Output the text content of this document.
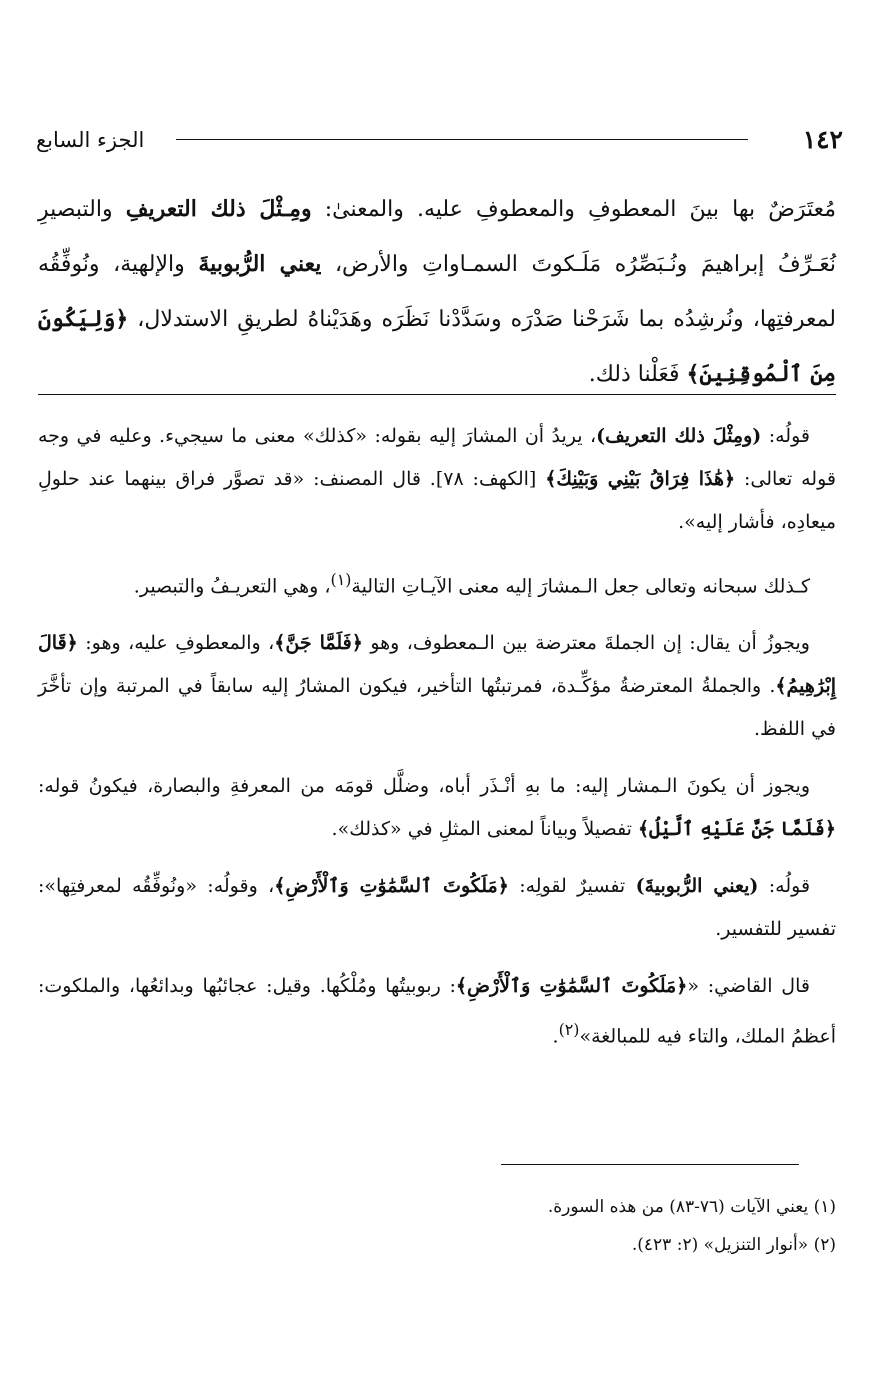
١٤٢
الجزء السابع

مُعتَرَضٌ بها بينَ المعطوفِ والمعطوفِ عليه. والمعنىٰ: ومِـثْلَ ذلك التعريفِ والتبصيرِ نُعَـرِّفُ إبراهيمَ ونُـبَصِّرُه مَلَـكوتَ السمـاواتِ والأرض، يعني الرُّبوبيةَ والإلهية، ونُوفِّقُه لمعرفتِها، ونُرشِدُه بما شَرَحْنا صَدْرَه وسَدَّدْنا نَظَرَه وهَدَيْناهُ لطريقِ الاستدلال، ﴿وَلِيَكُونَ مِنَ ٱلْمُوقِنِينَ﴾ فَعَلْنا ذلك.

قولُه: (ومِثْلَ ذلك التعريف)، يريدُ أن المشارَ إليه بقوله: «كذلك» معنى ما سيجيء. وعليه في وجه قوله تعالى: ﴿هَٰذَا فِرَاقُ بَيْنِي وَبَيْنِكَ﴾ [الكهف: ٧٨]. قال المصنف: «قد تصوَّر فراق بينهما عند حلولِ ميعادِه، فأشار إليه».

كـذلك سبحانه وتعالى جعل الـمشارَ إليه معنى الآيـاتِ التالية$^{(١)}$، وهي التعريـفُ والتبصير.

ويجوزُ أن يقال: إن الجملةَ معترضة بين الـمعطوف، وهو ﴿فَلَمَّا جَنَّ﴾، والمعطوفِ عليه، وهو: ﴿قَالَ إِبْرَٰهِيمُ﴾. والجملةُ المعترضةُ مؤكِّـدة، فمرتبتُها التأخير، فيكون المشارُ إليه سابقاً في المرتبة وإن تأخَّرَ في اللفظ.

ويجوز أن يكونَ الـمشار إليه: ما بهِ أنْـذَر أباه، وضلَّل قومَه من المعرفةِ والبصارة، فيكونُ قوله: ﴿فَلَمَّا جَنَّ عَلَيْهِ ٱلَّيْلُ﴾ تفصيلاً وبياناً لمعنى المثلِ في «كذلك».

قولُه: (يعني الرُّبوبيةَ) تفسيرٌ لقولِه: ﴿مَلَكُوتَ ٱلسَّمَٰوَٰتِ وَٱلْأَرْضِ﴾، وقولُه: «ونُوفِّقُه لمعرفتِها»: تفسير للتفسير.

قال القاضي: «﴿مَلَكُوتَ ٱلسَّمَٰوَٰتِ وَٱلْأَرْضِ﴾: ربوبيتُها ومُلْكُها. وقيل: عجائبُها وبدائعُها، والملكوت: أعظمُ الملك، والتاء فيه للمبالغة»$^{(٢)}$.

(١) يعني الآيات (٧٦-٨٣) من هذه السورة.

(٢) «أنوار التنزيل» (٢: ٤٢٣).
